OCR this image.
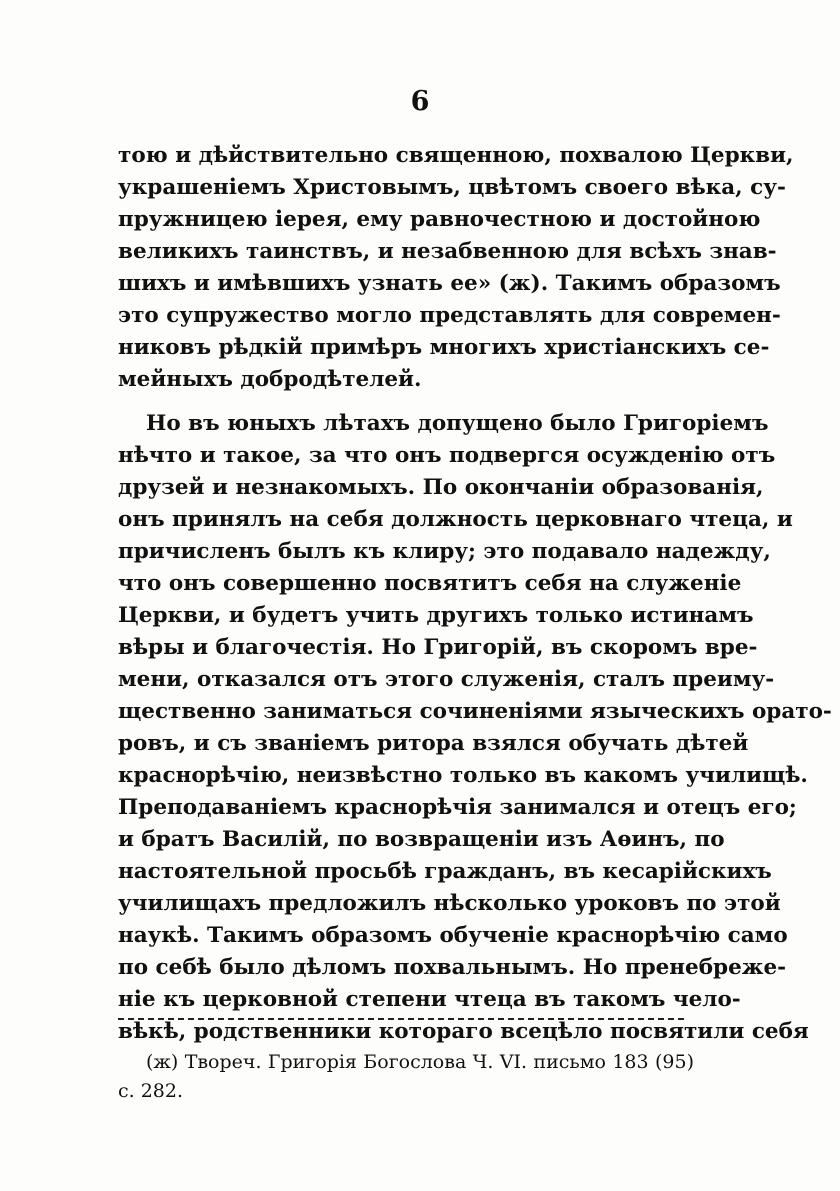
6
тою и дѣйствительно священною, похвалою Церкви,
украшеніемъ Христовымъ, цвѣтомъ своего вѣка, су-
пружницею іерея, ему равночестною и достойною
великихъ таинствъ, и незабвенною для всѣхъ знав-
шихъ и имѣвшихъ узнать ее» (ж). Такимъ образомъ
это супружество могло представлять для современ-
никовъ рѣдкій примѣръ многихъ христіанскихъ се-
мейныхъ добродѣтелей.
Но въ юныхъ лѣтахъ допущено было Григоріемъ
нѣчто и такое, за что онъ подвергся осужденію отъ
друзей и незнакомыхъ. По окончаніи образованія,
онъ принялъ на себя должность церковнаго чтеца, и
причисленъ былъ къ клиру; это подавало надежду,
что онъ совершенно посвятитъ себя на служеніе
Церкви, и будетъ учить другихъ только истинамъ
вѣры и благочестія. Но Григорій, въ скоромъ вре-
мени, отказался отъ этого служенія, сталъ преиму-
щественно заниматься сочиненіями языческихъ орато-
ровъ, и съ званіемъ ритора взялся обучать дѣтей
краснорѣчію, неизвѣстно только въ какомъ училищѣ.
Преподаваніемъ краснорѣчія занимался и отецъ его;
и братъ Василій, по возвращеніи изъ Аѳинъ, по
настоятельной просьбѣ гражданъ, въ кесарійскихъ
училищахъ предложилъ нѣсколько уроковъ по этой
наукѣ. Такимъ образомъ обученіе краснорѣчію само
по себѣ было дѣломъ похвальнымъ. Но пренебреже-
ніе къ церковной степени чтеца въ такомъ чело-
вѣкѣ, родственники котораго всецѣло посвятили себя
(ж) Твореч. Григорія Богослова Ч. VI. письмо 183 (95)
с. 282.
